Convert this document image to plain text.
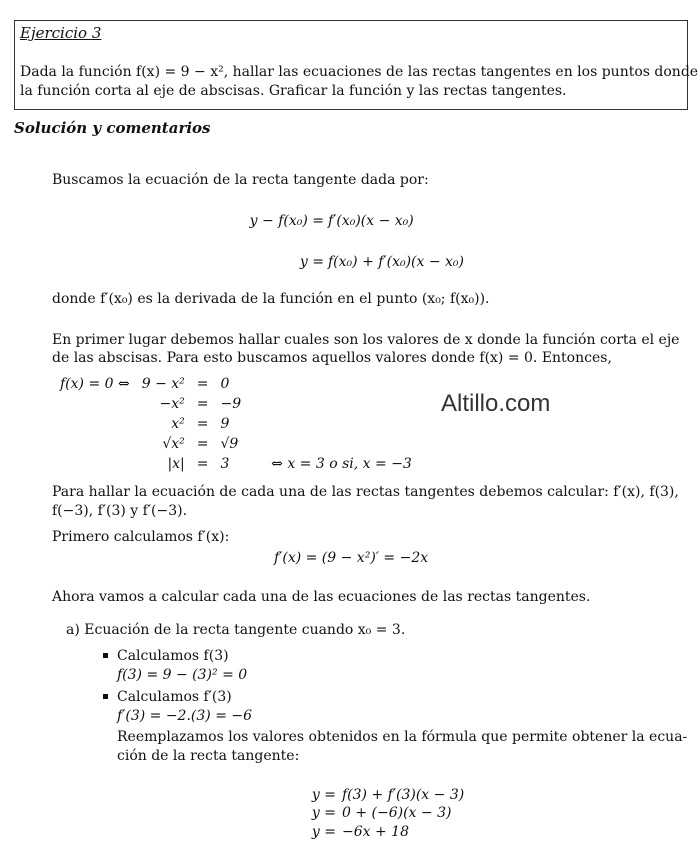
Ejercicio 3
Dada la función f(x) = 9 − x², hallar las ecuaciones de las rectas tangentes en los puntos donde
la función corta al eje de abscisas. Graficar la función y las rectas tangentes.
Solución y comentarios
Buscamos la ecuación de la recta tangente dada por:
y − f(x₀) = f′(x₀)(x − x₀)
y = f(x₀) + f′(x₀)(x − x₀)
donde f′(x₀) es la derivada de la función en el punto (x₀; f(x₀)).
En primer lugar debemos hallar cuales son los valores de x donde la función corta el eje
de las abscisas. Para esto buscamos aquellos valores donde f(x) = 0. Entonces,
f(x) = 0 ⇔	9 − x²	=	0	
	−x²	=	−9	
	x²	=	9	
	√x²	=	√9	
	|x|	=	3	⇔ x = 3 o si, x = −3
Altillo.com
Para hallar la ecuación de cada una de las rectas tangentes debemos calcular: f′(x), f(3),
f(−3), f′(3) y f′(−3).
Primero calculamos f′(x):
f′(x) = (9 − x²)′ = −2x
Ahora vamos a calcular cada una de las ecuaciones de las rectas tangentes.
a) Ecuación de la recta tangente cuando x₀ = 3.
Calculamos f(3)
f(3) = 9 − (3)² = 0
Calculamos f′(3)
f′(3) = −2.(3) = −6
Reemplazamos los valores obtenidos en la fórmula que permite obtener la ecua-
ción de la recta tangente:
y = f(3) + f′(3)(x − 3)
y = 0 + (−6)(x − 3)
y = −6x + 18
